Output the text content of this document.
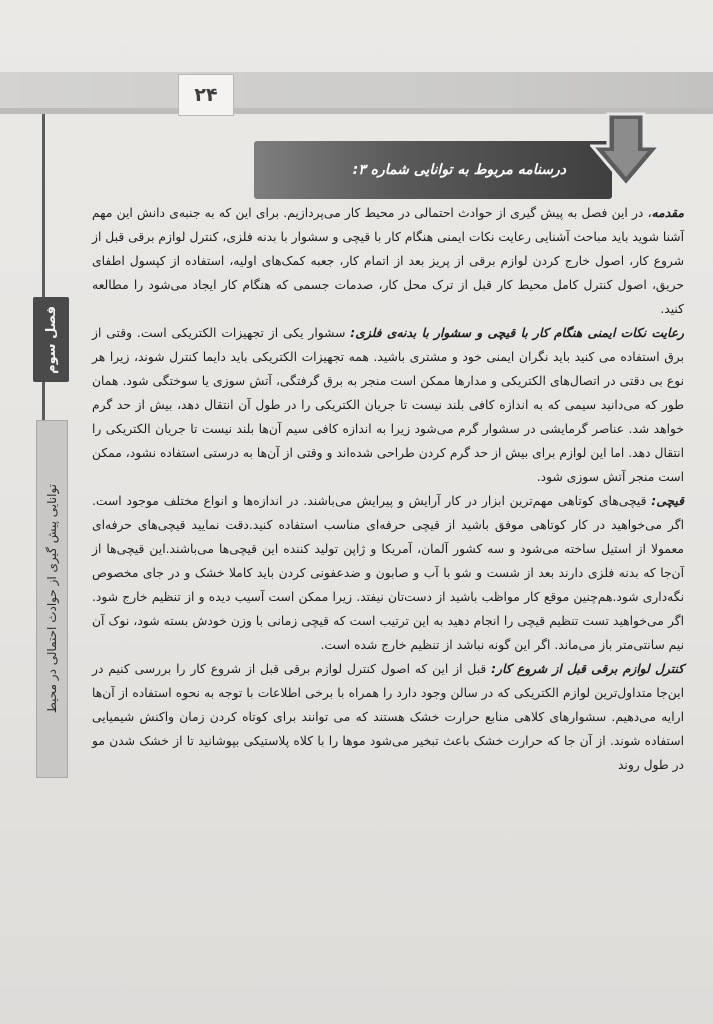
۲۴
فصل سوم
توانایی پیش گیری از حوادث احتمالی در محیط
درسنامه مربوط به توانایی شماره ۳:

مقدمه، در این فصل به پیش گیری از حوادث احتمالی در محیط کار می‌پردازیم. برای این که به جنبه‌ی دانش این مهم آشنا شوید باید مباحث آشنایی رعایت نکات ایمنی هنگام کار با قیچی و سشوار با بدنه فلزی، کنترل لوازم برقی قبل از شروع کار، اصول خارج کردن لوازم برقی از پریز بعد از اتمام کار، جعبه کمک‌های اولیه، استفاده از کپسول اطفای حریق، اصول کنترل کامل محیط کار قبل از ترک محل کار، صدمات جسمی که هنگام کار ایجاد می‌شود را مطالعه کنید.

رعایت نکات ایمنی هنگام کار با قیچی و سشوار با بدنه‌ی فلزی: سشوار یکی از تجهیزات الکتریکی است. وقتی از برق استفاده می کنید باید نگران ایمنی خود و مشتری باشید. همه تجهیزات الکتریکی باید دایما کنترل شوند، زیرا هر نوع بی دقتی در اتصال‌های الکتریکی و مدارها ممکن است منجر به برق گرفتگی، آتش سوزی یا سوختگی شود. همان طور که می‌دانید سیمی که به اندازه کافی بلند نیست تا جریان الکتریکی را در طول آن انتقال دهد، بیش از حد گرم خواهد شد. عناصر گرمایشی در سشوار گرم می‌شود زیرا به اندازه کافی سیم آن‌ها بلند نیست تا جریان الکتریکی را انتقال دهد. اما این لوازم برای بیش از حد گرم کردن طراحی شده‌اند و وقتی از آن‌ها به درستی استفاده نشود، ممکن است منجر آتش سوزی شود.

قیچی: قیچی‌های کوتاهی مهم‌ترین ابزار در کار آرایش و پیرایش می‌باشند. در اندازه‌ها و انواع مختلف موجود است. اگر می‌خواهید در کار کوتاهی موفق باشید از قیچی حرفه‌ای مناسب استفاده کنید.دقت نمایید قیچی‌های حرفه‌ای معمولا از استیل ساخته می‌شود و سه کشور آلمان، آمریکا و ژاپن تولید کننده این قیچی‌ها می‌باشند.این قیچی‌ها از آن‌جا که بدنه فلزی دارند بعد از شست و شو با آب و صابون و ضدعفونی کردن باید کاملا خشک و در جای مخصوص نگه‌داری شود.هم‌چنین موقع کار مواظب باشید از دست‌تان نیفتد. زیرا ممکن است آسیب دیده و از تنظیم خارج شود. اگر می‌خواهید تست تنظیم قیچی را انجام دهید به این ترتیب است که قیچی زمانی با وزن خودش بسته شود، نوک آن نیم سانتی‌متر باز می‌ماند. اگر این گونه نباشد از تنظیم خارج شده است.

کنترل لوازم برقی قبل از شروع کار: قبل از این که اصول کنترل لوازم برقی قبل از شروع کار را بررسی کنیم در این‌جا متداول‌ترین لوازم الکتریکی که در سالن وجود دارد را همراه با برخی اطلاعات با توجه به نحوه استفاده از آن‌ها ارایه می‌دهیم. سشوارهای کلاهی منابع حرارت خشک هستند که می توانند برای کوتاه کردن زمان واکنش شیمیایی استفاده شوند. از آن جا که حرارت خشک باعث تبخیر می‌شود موها را با کلاه پلاستیکی بپوشانید تا از خشک شدن مو در طول روند
